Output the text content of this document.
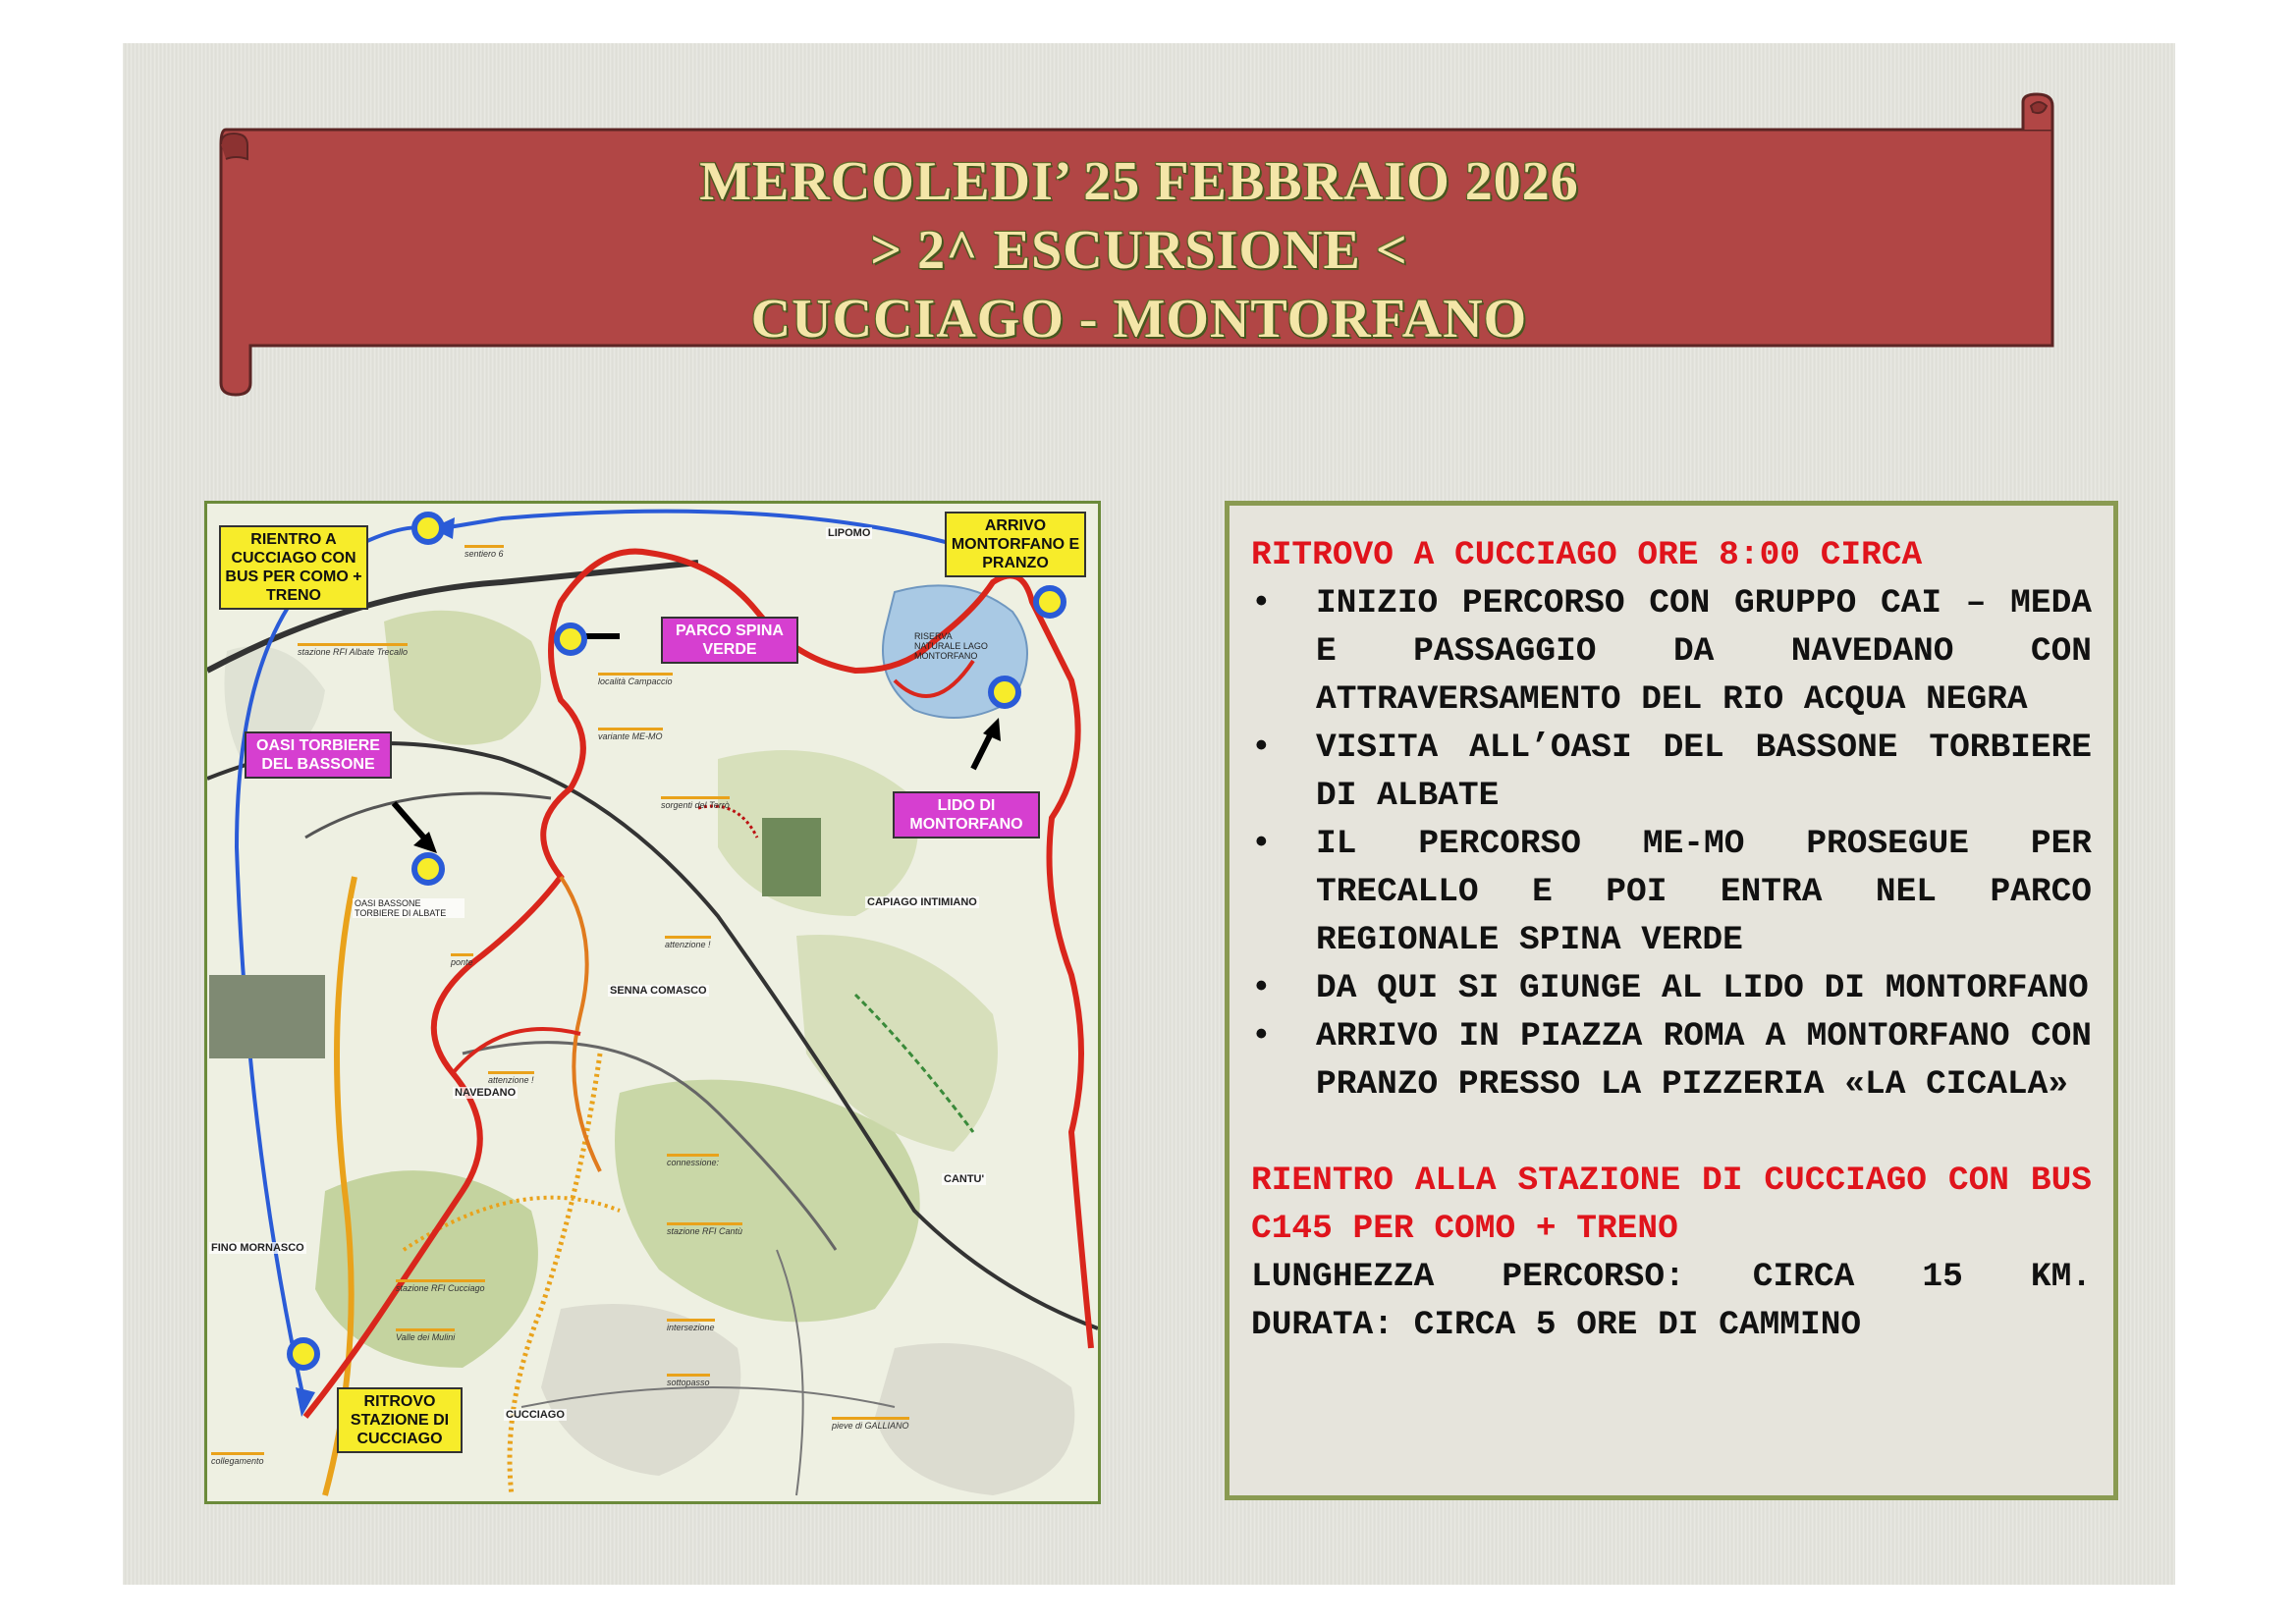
MERCOLEDI’ 25 FEBBRAIO 2026
> 2^ ESCURSIONE <
CUCCIAGO - MONTORFANO
RIENTRO A CUCCIAGO CON BUS PER COMO + TRENO
ARRIVO MONTORFANO E PRANZO
PARCO SPINA VERDE
OASI TORBIERE DEL BASSONE
LIDO DI MONTORFANO
RITROVO STAZIONE DI CUCCIAGO
LIPOMO
CAPIAGO INTIMIANO
SENNA COMASCO
NAVEDANO
FINO MORNASCO
CANTU'
CUCCIAGO
RISERVA NATURALE LAGO MONTORFANO
OASI BASSONE TORBIERE DI ALBATE
sentiero 6
stazione RFI Albate Trecallo
località Campaccio
variante ME-MO
sorgenti del Terrò
attenzione !
ponte
attenzione !
connessione:
stazione RFI Cantù
stazione RFI Cucciago
Valle dei Mulini
intersezione
sottopasso
pieve di GALLIANO
collegamento

RITROVO A CUCCIAGO ORE 8:00 CIRCA

• INIZIO PERCORSO CON GRUPPO CAI – MEDA E PASSAGGIO DA NAVEDANO CON ATTRAVERSAMENTO DEL RIO ACQUA NEGRA
• VISITA ALL’OASI DEL BASSONE TORBIERE DI ALBATE
• IL PERCORSO ME-MO PROSEGUE PER TRECALLO E POI ENTRA NEL PARCO REGIONALE SPINA VERDE
• DA QUI SI GIUNGE AL LIDO DI MONTORFANO
• ARRIVO IN PIAZZA ROMA A MONTORFANO CON PRANZO PRESSO LA PIZZERIA «LA CICALA»

RIENTRO ALLA STAZIONE DI CUCCIAGO CON BUS C145 PER COMO + TRENO

LUNGHEZZA PERCORSO: CIRCA 15 KM.

DURATA: CIRCA 5 ORE DI CAMMINO
